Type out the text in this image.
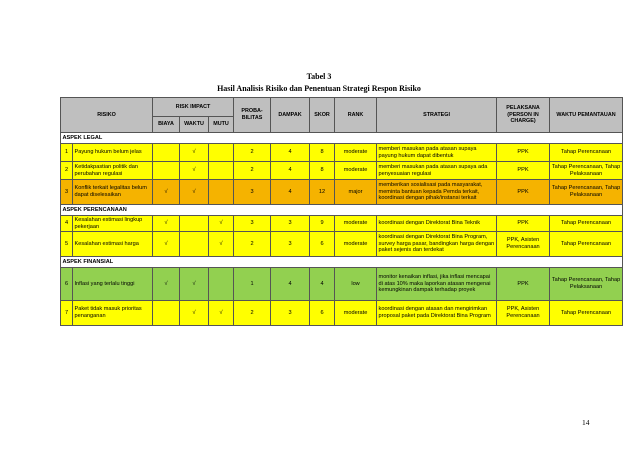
Tabel 3
Hasil Analisis Risiko dan Penentuan Strategi Respon Risiko
RISIKO		RISK IMPACT			PROBA-BILITAS	DAMPAK	SKOR	RANK	STRATEGI	PELAKSANA (PERSON IN CHARGE)	WAKTU PEMANTAUAN
		BIAYA	WAKTU	MUTU							
ASPEK LEGAL											
1	Payung hukum belum jelas		√		2	4	8	moderate	memberi masukan pada atasan supaya payung hukum dapat dibentuk	PPK	Tahap Perencanaan
2	Ketidakpastian politik dan perubahan regulasi		√		2	4	8	moderate	memberi masukan pada atasan supaya ada penyesuaian regulasi	PPK	Tahap Perencanaan, Tahap Pelaksanaan
3	Konflik terkait legalitas belum dapat diselesaikan	√	√		3	4	12	major	memberikan sosialisasi pada masyarakat, meminta bantuan kepada Pemda terkait, koordinasi dengan pihak/instansi terkait	PPK	Tahap Perencanaan, Tahap Pelaksanaan
ASPEK PERENCANAAN											
4	Kesalahan estimasi lingkup pekerjaan	√		√	3	3	9	moderate	koordinasi dengan Direktorat Bina Teknik	PPK	Tahap Perencanaan
5	Kesalahan estimasi harga	√		√	2	3	6	moderate	koordinasi dengan Direktorat Bina Program, survey harga pasar, bandingkan harga dengan paket sejenis dan terdekat	PPK, Asisten Perencanaan	Tahap Perencanaan
ASPEK FINANSIAL											
6	Inflasi yang terlalu tinggi	√	√		1	4	4	low	monitor kenaikan inflasi, jika inflasi mencapai di atas 10% maka laporkan atasan mengenai kemungkinan dampak terhadap proyek	PPK	Tahap Perencanaan, Tahap Pelaksanaan
7	Paket tidak masuk prioritas penanganan		√	√	2	3	6	moderate	koordinasi dengan atasan dan mengirimkan proposal paket pada Direktorat Bina Program	PPK, Asisten Perencanaan	Tahap Perencanaan
14
